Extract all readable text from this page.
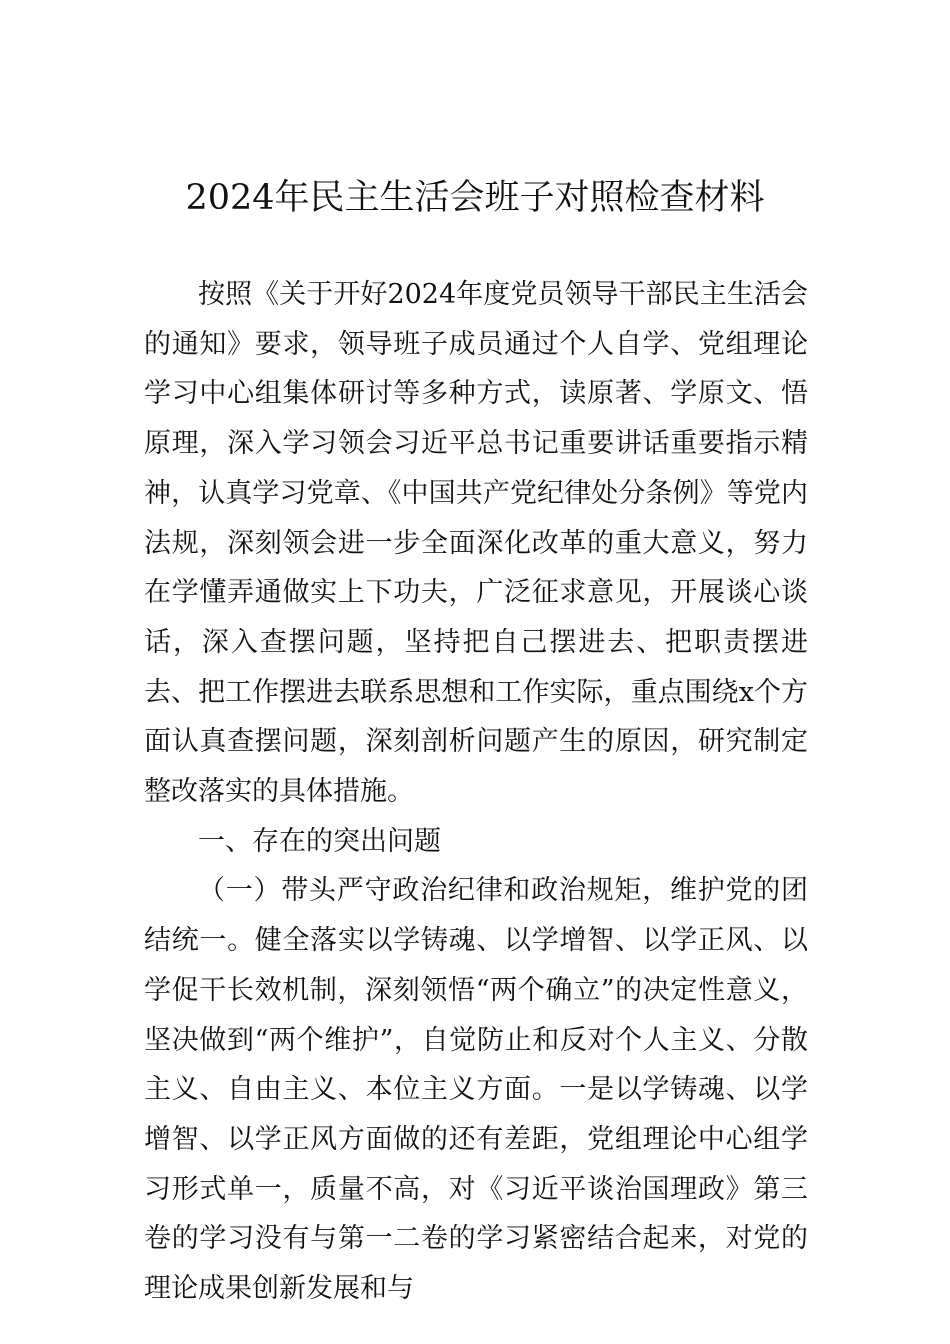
2024年民主生活会班子对照检查材料

按照《关于开好2024年度党员领导干部民主生活会的通知》要求，领导班子成员通过个人自学、党组理论学习中心组集体研讨等多种方式，读原著、学原文、悟原理，深入学习领会习近平总书记重要讲话重要指示精神，认真学习党章、《中国共产党纪律处分条例》等党内法规，深刻领会进一步全面深化改革的重大意义，努力在学懂弄通做实上下功夫，广泛征求意见，开展谈心谈话，深入查摆问题，坚持把自己摆进去、把职责摆进去、把工作摆进去联系思想和工作实际，重点围绕x个方面认真查摆问题，深刻剖析问题产生的原因，研究制定整改落实的具体措施。

一、存在的突出问题

（一）带头严守政治纪律和政治规矩，维护党的团结统一。健全落实以学铸魂、以学增智、以学正风、以学促干长效机制，深刻领悟“两个确立”的决定性意义，坚决做到“两个维护”，自觉防止和反对个人主义、分散主义、自由主义、本位主义方面。一是以学铸魂、以学增智、以学正风方面做的还有差距，党组理论中心组学习形式单一，质量不高，对《习近平谈治国理政》第三卷的学习没有与第一二卷的学习紧密结合起来，对党的理论成果创新发展和与
